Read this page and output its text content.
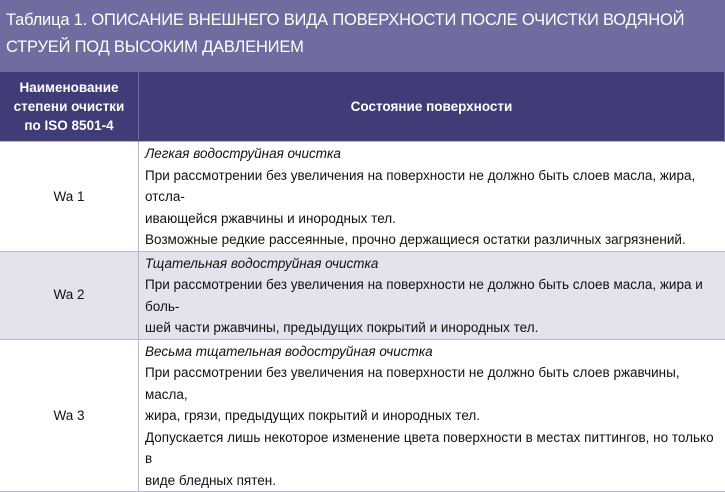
Таблица 1. ОПИСАНИЕ ВНЕШНЕГО ВИДА ПОВЕРХНОСТИ ПОСЛЕ ОЧИСТКИ ВОДЯНОЙ
СТРУЕЙ ПОД ВЫСОКИМ ДАВЛЕНИЕМ
Наименование
степени очистки
по ISO 8501-4	Состояние поверхности
Wa 1	Легкая водоструйная очистка
При рассмотрении без увеличения на поверхности не должно быть слоев масла, жира, отсла-
ивающейся ржавчины и инородных тел.
Возможные редкие рассеянные, прочно держащиеся остатки различных загрязнений.

Wa 2	Тщательная водоструйная очистка
При рассмотрении без увеличения на поверхности не должно быть слоев масла, жира и боль-
шей части ржавчины, предыдущих покрытий и инородных тел.

Wa 3	Весьма тщательная водоструйная очистка
При рассмотрении без увеличения на поверхности не должно быть слоев ржавчины, масла,
жира, грязи, предыдущих покрытий и инородных тел.
Допускается лишь некоторое изменение цвета поверхности в местах питтингов, но только в
виде бледных пятен.
